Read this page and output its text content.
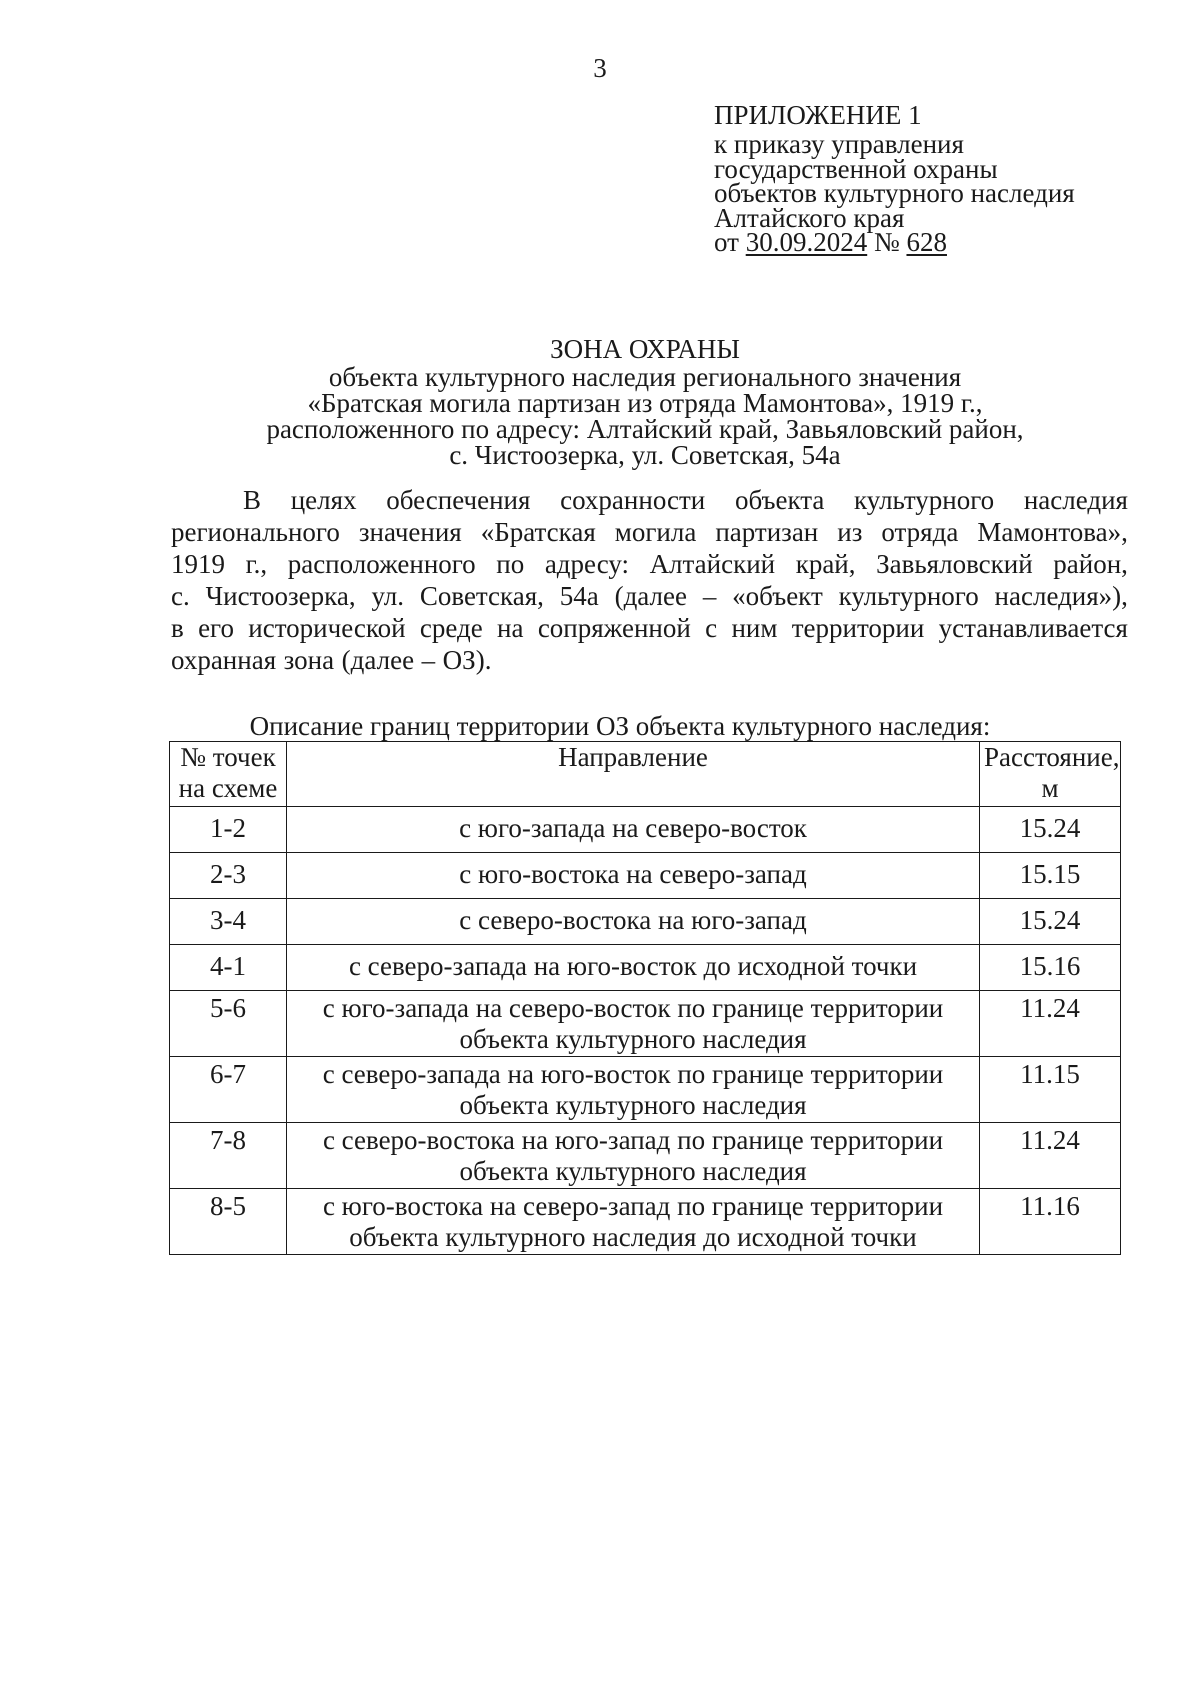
3
ПРИЛОЖЕНИЕ 1
к приказу управления
государственной охраны
объектов культурного наследия
Алтайского края
от 30.09.2024 № 628
ЗОНА ОХРАНЫ
объекта культурного наследия регионального значения
«Братская могила партизан из отряда Мамонтова», 1919 г.,
расположенного по адресу: Алтайский край, Завьяловский район,
с. Чистоозерка, ул. Советская, 54а
В целях обеспечения сохранности объекта культурного наследия
регионального значения «Братская могила партизан из отряда Мамонтова»,
1919 г., расположенного по адресу: Алтайский край, Завьяловский район,
с. Чистоозерка, ул. Советская, 54а (далее – «объект культурного наследия»),
в его исторической среде на сопряженной с ним территории устанавливается
охранная зона (далее – ОЗ).
Описание границ территории ОЗ объекта культурного наследия:
№ точек
на схеме	Направление	Расстояние,
м
1-2	с юго-запада на северо-восток	15.24
2-3	с юго-востока на северо-запад	15.15
3-4	с северо-востока на юго-запад	15.24
4-1	с северо-запада на юго-восток до исходной точки	15.16
5-6	с юго-запада на северо-восток по границе территории
объекта культурного наследия	11.24
6-7	с северо-запада на юго-восток по границе территории
объекта культурного наследия	11.15
7-8	с северо-востока на юго-запад по границе территории
объекта культурного наследия	11.24
8-5	с юго-востока на северо-запад по границе территории
объекта культурного наследия до исходной точки	11.16
